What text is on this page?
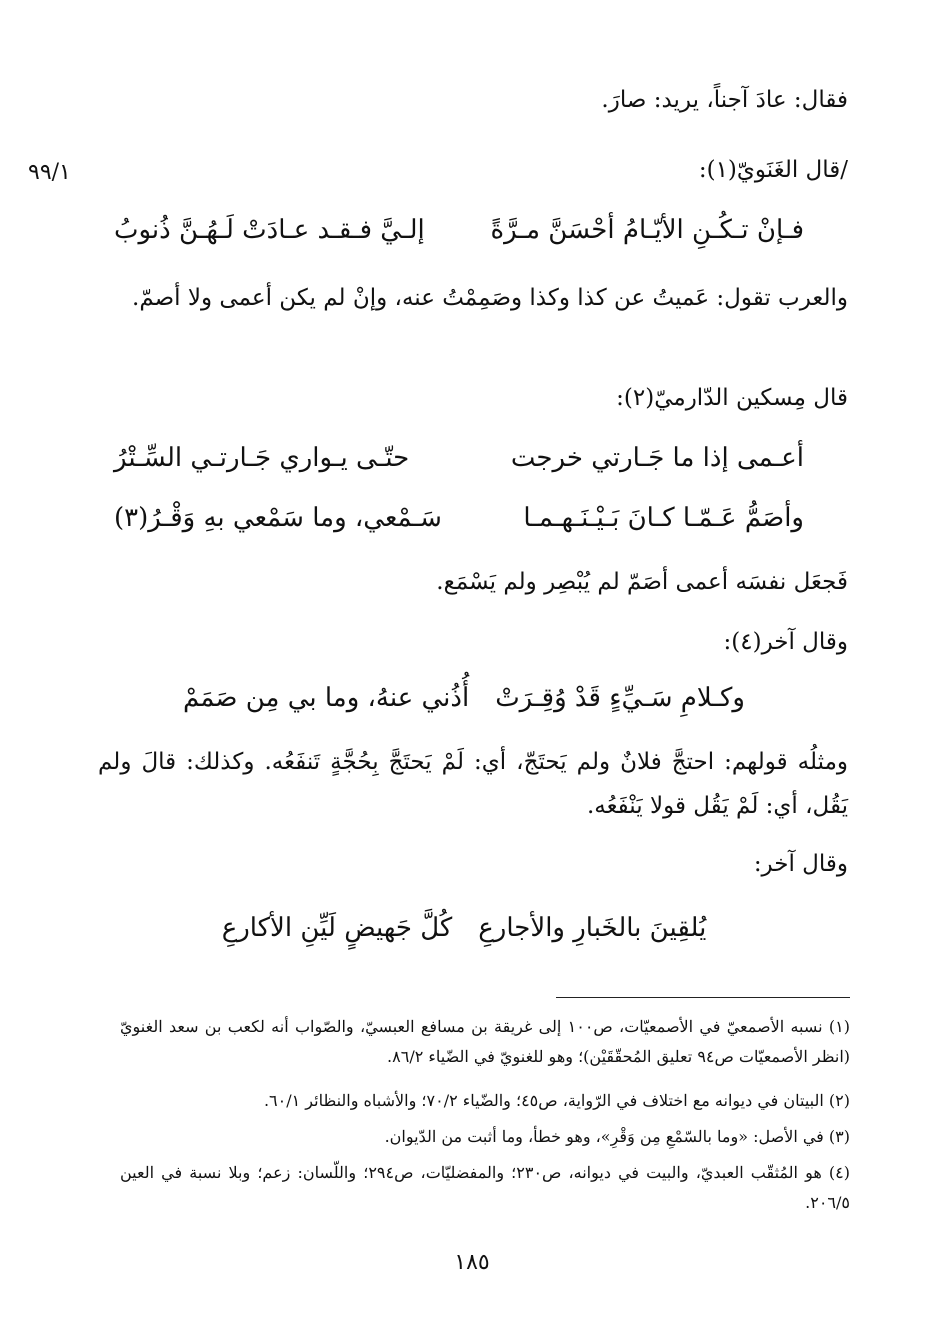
٩٩/١
فقال: عادَ آجناً، يريد: صارَ.
/قال الغَنَويّ(١):
فـإنْ تـكُـنِ الأيّـامُ أحْسَنَّ مـرَّةً
إلـيَّ فـقـد عـادَتْ لَـهُـنَّ ذُنوبُ
والعرب تقول: عَميتُ عن كذا وكذا وصَمِمْتُ عنه، وإنْ لم يكن أعمى ولا أصمّ.
قال مِسكين الدّارميّ(٢):
أعـمى إذا ما جَـارتي خرجت
حتّـى يـواري جَـارتـي السِّـتْرُ
وأصَمُّ عَـمّـا كـانَ بَـيْـنَـهـمـا
سَـمْعي، وما سَمْعي بهِ وَقْـرُ(٣)
فَجعَل نفسَه أعمى أصَمّ لم يُبْصِر ولم يَسْمَع.
وقال آخر(٤):
وكـلامِ سَـيِّءٍ قَدْ وُقِـرَتْ
أُذُني عنهُ، وما بي مِن صَمَمْ
ومثلُه قولهم: احتجَّ فلانٌ ولم يَحتَجّ، أي: لَمْ يَحتَجَّ بِحُجَّةٍ تَنفَعُه. وكذلك: قالَ ولم يَقُل، أي: لَمْ يَقُل قولا يَنْفَعُه.
وقال آخر:
يُلقِينَ بالخَبارِ والأجارعِ
كُلَّ جَهيضٍ لَيِّنِ الأكارعِ
(١) نسبه الأصمعيّ في الأصمعيّات، ص١٠٠ إلى غريقة بن مسافع العبسيّ، والصّواب أنه لكعب بن سعد الغنويّ (انظر الأصمعيّات ص٩٤ تعليق المُحقّقَيْن)؛ وهو للغنويّ في الضّياء ٨٦/٢.
(٢) البيتان في ديوانه مع اختلاف في الرّواية، ص٤٥؛ والضّياء ٧٠/٢؛ والأشباه والنظائر ٦٠/١.
(٣) في الأصل: «وما بالسّمْعِ مِن وَقْرِ»، وهو خطأ، وما أثبت من الدّيوان.
(٤) هو المُثقّب العبديّ، والبيت في ديوانه، ص٢٣٠؛ والمفضليّات، ص٢٩٤؛ واللّسان: زعم؛ وبلا نسبة في العين ٢٠٦/٥.
١٨٥
